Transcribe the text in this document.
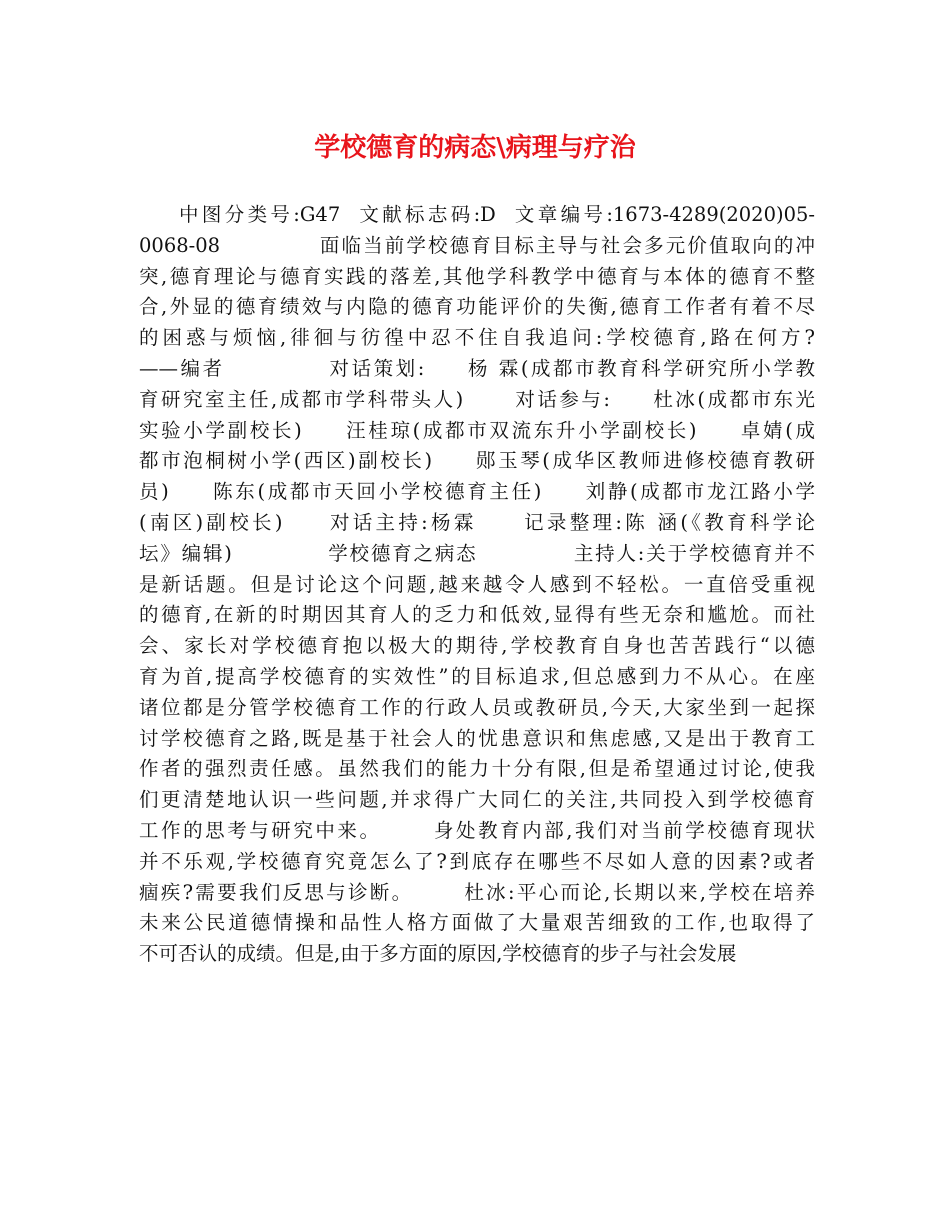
学校德育的病态\病理与疗治
中图分类号:G47  文献标志码:D  文章编号:1673-4289(2020)05-
0068-08            面临当前学校德育目标主导与社会多元价值取向的冲
突,德育理论与德育实践的落差,其他学科教学中德育与本体的德育不整
合,外显的德育绩效与内隐的德育功能评价的失衡,德育工作者有着不尽
的困惑与烦恼,徘徊与彷徨中忍不住自我追问:学校德育,路在何方?
——编者            对话策划:     杨 霖(成都市教育科学研究所小学教
育研究室主任,成都市学科带头人)      对话参与:     杜冰(成都市东光
实验小学副校长)     汪桂琼(成都市双流东升小学副校长)     卓婧(成
都市泡桐树小学(西区)副校长)     郧玉琴(成华区教师进修校德育教研
员)     陈东(成都市天回小学校德育主任)     刘静(成都市龙江路小学
(南区)副校长)     对话主持:杨霖     记录整理:陈 涵(《教育科学论
坛》编辑)            学校德育之病态            主持人:关于学校德育并不
是新话题。但是讨论这个问题,越来越令人感到不轻松。一直倍受重视
的德育,在新的时期因其育人的乏力和低效,显得有些无奈和尴尬。而社
会、家长对学校德育抱以极大的期待,学校教育自身也苦苦践行“以德
育为首,提高学校德育的实效性”的目标追求,但总感到力不从心。在座
诸位都是分管学校德育工作的行政人员或教研员,今天,大家坐到一起探
讨学校德育之路,既是基于社会人的忧患意识和焦虑感,又是出于教育工
作者的强烈责任感。虽然我们的能力十分有限,但是希望通过讨论,使我
们更清楚地认识一些问题,并求得广大同仁的关注,共同投入到学校德育
工作的思考与研究中来。      身处教育内部,我们对当前学校德育现状
并不乐观,学校德育究竟怎么了?到底存在哪些不尽如人意的因素?或者
痼疾?需要我们反思与诊断。      杜冰:平心而论,长期以来,学校在培养
未来公民道德情操和品性人格方面做了大量艰苦细致的工作,也取得了
不可否认的成绩。但是,由于多方面的原因,学校德育的步子与社会发展
